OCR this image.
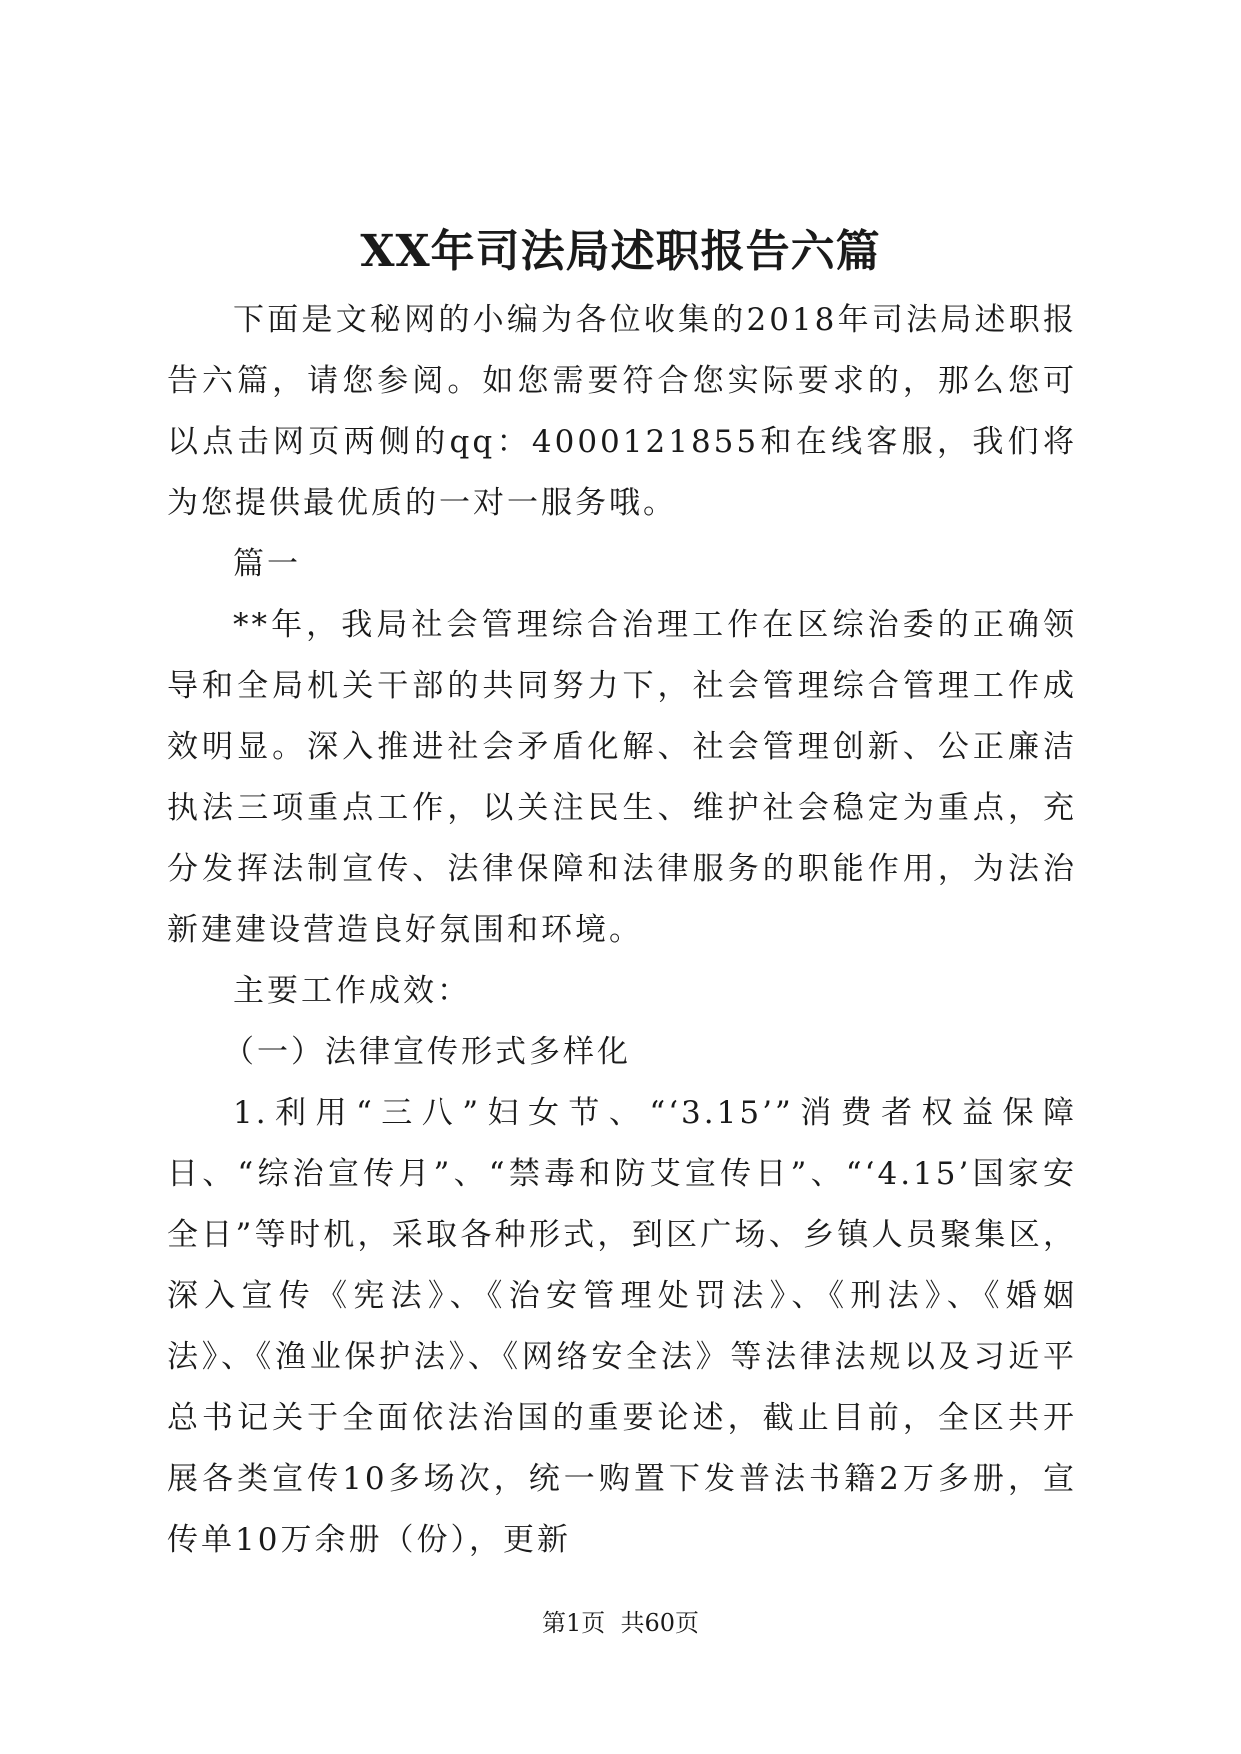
XX年司法局述职报告六篇

下面是文秘网的小编为各位收集的2018年司法局述职报告六篇，请您参阅。如您需要符合您实际要求的，那么您可以点击网页两侧的qq：4000121855和在线客服，我们将为您提供最优质的一对一服务哦。

篇一

**年，我局社会管理综合治理工作在区综治委的正确领导和全局机关干部的共同努力下，社会管理综合管理工作成效明显。深入推进社会矛盾化解、社会管理创新、公正廉洁执法三项重点工作，以关注民生、维护社会稳定为重点，充分发挥法制宣传、法律保障和法律服务的职能作用，为法治新建建设营造良好氛围和环境。

主要工作成效：

（一）法律宣传形式多样化

1.利用“三八”妇女节、“‘3.15’”消费者权益保障日、“综治宣传月”、“禁毒和防艾宣传日”、“‘4.15’国家安全日”等时机，采取各种形式，到区广场、乡镇人员聚集区，深入宣传《宪法》、《治安管理处罚法》、《刑法》、《婚姻法》、《渔业保护法》、《网络安全法》等法律法规以及习近平总书记关于全面依法治国的重要论述，截止目前，全区共开展各类宣传10多场次，统一购置下发普法书籍2万多册，宣传单10万余册（份），更新

第1页 共60页
